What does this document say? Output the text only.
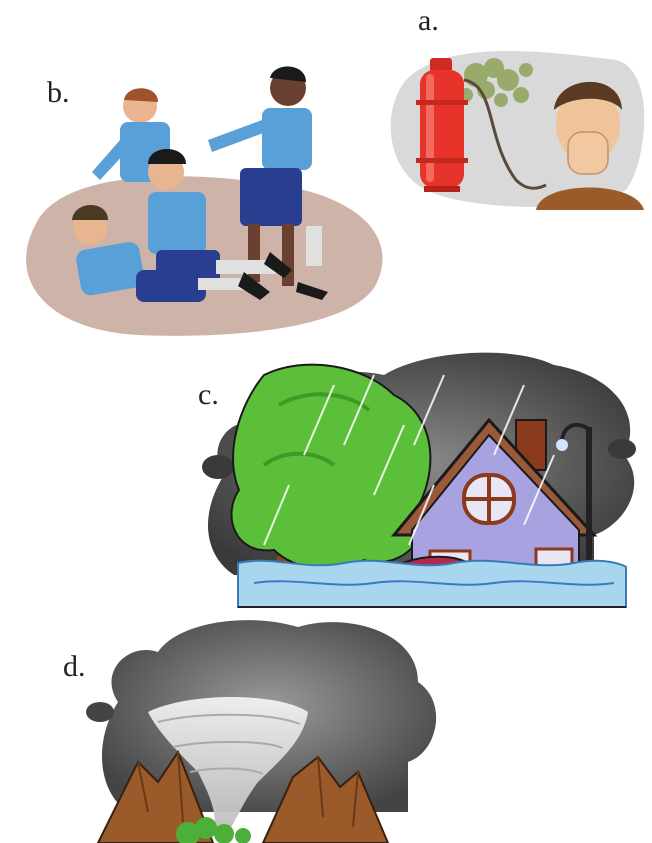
a.
b.
c.
d.
